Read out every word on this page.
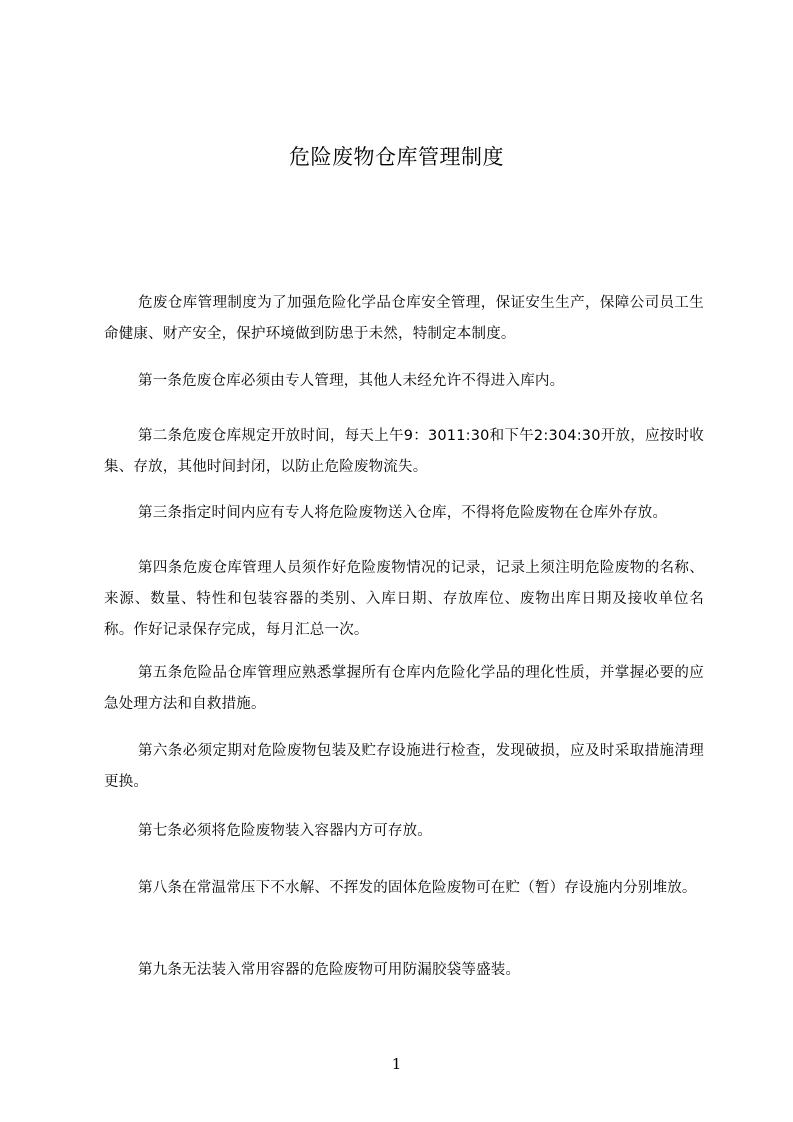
危险废物仓库管理制度

危废仓库管理制度为了加强危险化学品仓库安全管理，保证安生生产，保障公司员工生命健康、财产安全，保护环境做到防患于未然，特制定本制度。

第一条危废仓库必须由专人管理，其他人未经允许不得进入库内。

第二条危废仓库规定开放时间，每天上午9：3011:30和下午2:304:30开放，应按时收集、存放，其他时间封闭，以防止危险废物流失。

第三条指定时间内应有专人将危险废物送入仓库，不得将危险废物在仓库外存放。

第四条危废仓库管理人员须作好危险废物情况的记录，记录上须注明危险废物的名称、来源、数量、特性和包装容器的类别、入库日期、存放库位、废物出库日期及接收单位名称。作好记录保存完成，每月汇总一次。

第五条危险品仓库管理应熟悉掌握所有仓库内危险化学品的理化性质，并掌握必要的应急处理方法和自救措施。

第六条必须定期对危险废物包装及贮存设施进行检查，发现破损，应及时采取措施清理更换。

第七条必须将危险废物装入容器内方可存放。

第八条在常温常压下不水解、不挥发的固体危险废物可在贮（暂）存设施内分别堆放。

第九条无法装入常用容器的危险废物可用防漏胶袋等盛装。

1
